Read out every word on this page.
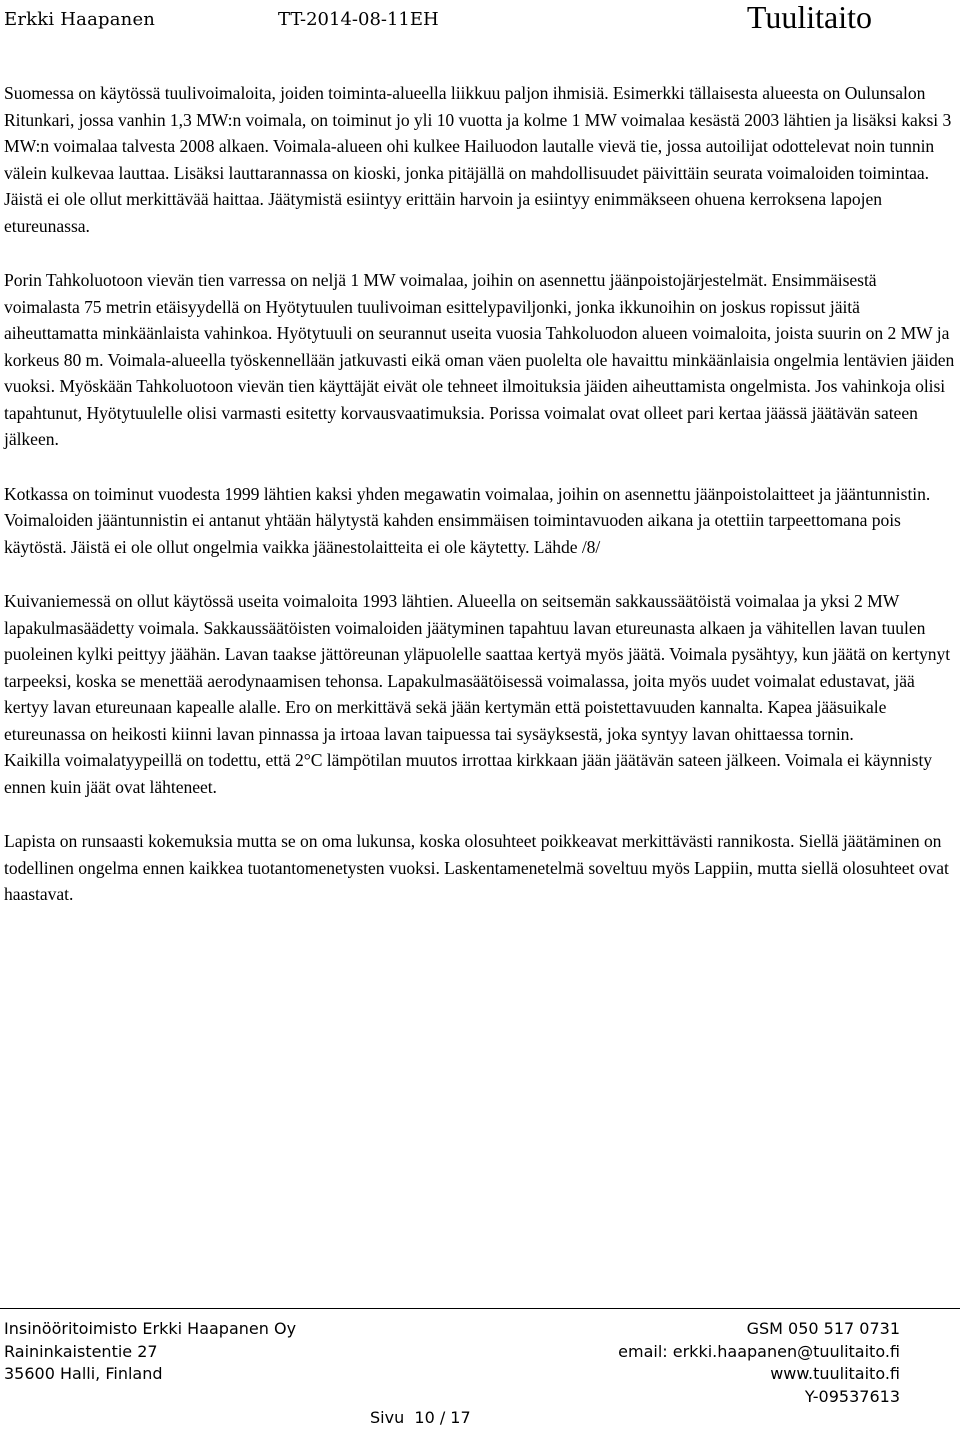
Erkki Haapanen	TT-2014-08-11EH	Tuulitaito

Suomessa on käytössä tuulivoimaloita, joiden toiminta-alueella liikkuu paljon ihmisiä. Esimerkki tällaisesta alueesta on Oulunsalon Ritunkari, jossa vanhin 1,3 MW:n voimala, on toiminut jo yli 10 vuotta ja kolme 1 MW voimalaa kesästä 2003 lähtien ja lisäksi kaksi 3 MW:n voimalaa talvesta 2008 alkaen. Voimala-alueen ohi kulkee Hailuodon lautalle vievä tie, jossa autoilijat odottelevat noin tunnin välein kulkevaa lauttaa. Lisäksi lauttarannassa on kioski, jonka pitäjällä on mahdollisuudet päivittäin seurata voimaloiden toimintaa. Jäistä ei ole ollut merkittävää haittaa. Jäätymistä esiintyy erittäin harvoin ja esiintyy enimmäkseen ohuena kerroksena lapojen etureunassa.

Porin Tahkoluotoon vievän tien varressa on neljä 1 MW voimalaa, joihin on asennettu jäänpoistojärjestelmät. Ensimmäisestä voimalasta 75 metrin etäisyydellä on Hyötytuulen tuulivoiman esittelypaviljonki, jonka ikkunoihin on joskus ropissut jäitä aiheuttamatta minkäänlaista vahinkoa. Hyötytuuli on seurannut useita vuosia Tahkoluodon alueen voimaloita, joista suurin on 2 MW ja korkeus 80 m. Voimala-alueella työskennellään jatkuvasti eikä oman väen puolelta ole havaittu minkäänlaisia ongelmia lentävien jäiden vuoksi. Myöskään Tahkoluotoon vievän tien käyttäjät eivät ole tehneet ilmoituksia jäiden aiheuttamista ongelmista. Jos vahinkoja olisi tapahtunut, Hyötytuulelle olisi varmasti esitetty korvausvaatimuksia. Porissa voimalat ovat olleet pari kertaa jäässä jäätävän sateen jälkeen.

Kotkassa on toiminut vuodesta 1999 lähtien kaksi yhden megawatin voimalaa, joihin on asennettu jäänpoistolaitteet ja jääntunnistin. Voimaloiden jääntunnistin ei antanut yhtään hälytystä kahden ensimmäisen toimintavuoden aikana ja otettiin tarpeettomana pois käytöstä. Jäistä ei ole ollut ongelmia vaikka jäänestolaitteita ei ole käytetty. Lähde /8/

Kuivaniemessä on ollut käytössä useita voimaloita 1993 lähtien. Alueella on seitsemän sakkaussäätöistä voimalaa ja yksi 2 MW lapakulmasäädetty voimala. Sakkaussäätöisten voimaloiden jäätyminen tapahtuu lavan etureunasta alkaen ja vähitellen lavan tuulen puoleinen kylki peittyy jäähän. Lavan taakse jättöreunan yläpuolelle saattaa kertyä myös jäätä. Voimala pysähtyy, kun jäätä on kertynyt tarpeeksi, koska se menettää aerodynaamisen tehonsa. Lapakulmasäätöisessä voimalassa, joita myös uudet voimalat edustavat, jää kertyy lavan etureunaan kapealle alalle. Ero on merkittävä sekä jään kertymän että poistettavuuden kannalta. Kapea jääsuikale etureunassa on heikosti kiinni lavan pinnassa ja irtoaa lavan taipuessa tai sysäyksestä, joka syntyy lavan ohittaessa tornin.

Kaikilla voimalatyypeillä on todettu, että 2°C lämpötilan muutos irrottaa kirkkaan jään jäätävän sateen jälkeen. Voimala ei käynnisty ennen kuin jäät ovat lähteneet.

Lapista on runsaasti kokemuksia mutta se on oma lukunsa, koska olosuhteet poikkeavat merkittävästi rannikosta. Siellä jäätäminen on todellinen ongelma ennen kaikkea tuotantomenetysten vuoksi. Laskentamenetelmä soveltuu myös Lappiin, mutta siellä olosuhteet ovat haastavat.

Insinööritoimisto Erkki Haapanen Oy
Raininkaistentie 27
35600 Halli, Finland
GSM 050 517 0731
email: erkki.haapanen@tuulitaito.fi
www.tuulitaito.fi
Y-09537613
Sivu  10 / 17
